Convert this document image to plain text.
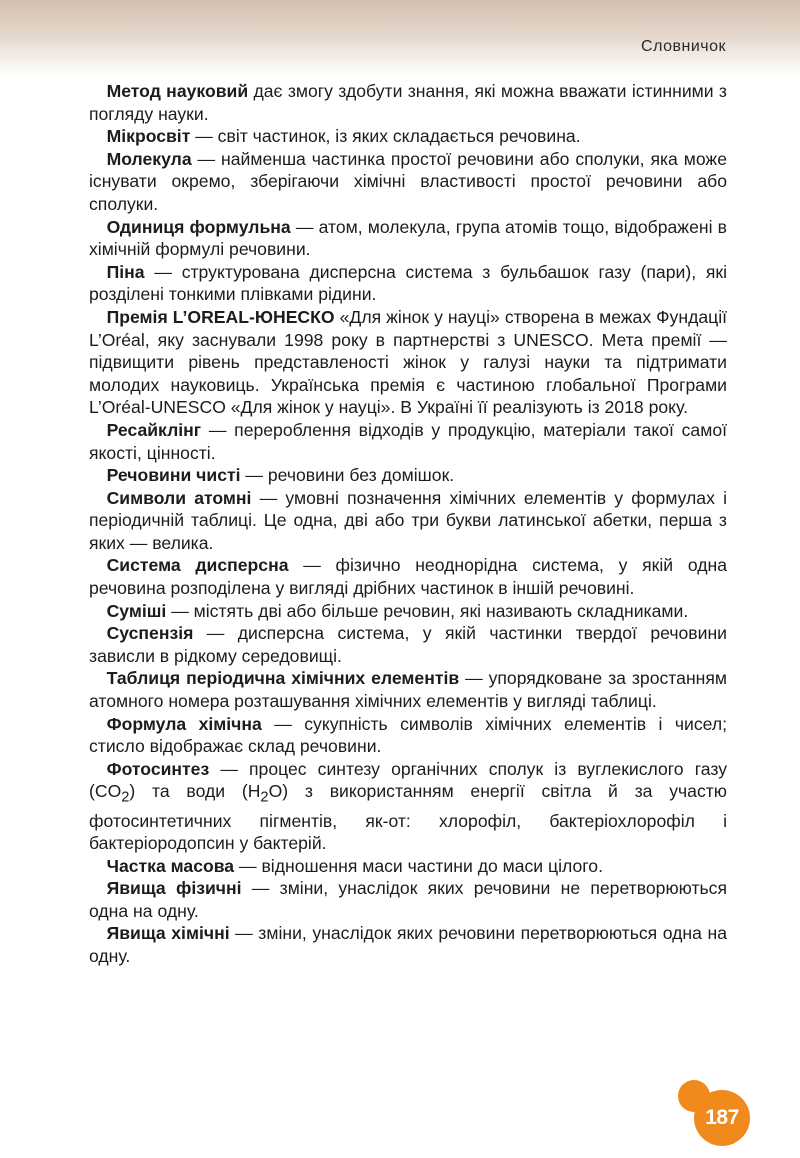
Словничок

 Метод науковий дає змогу здобути знання, які можна вважати істинними з погляду науки.

 Мікросвіт — світ частинок, із яких складається речовина.

 Молекула — найменша частинка простої речовини або сполуки, яка може існувати окремо, зберігаючи хімічні властивості простої речовини або сполуки.

 Одиниця формульна — атом, молекула, група атомів тощо, відображені в хімічній формулі речовини.

 Піна — структурована дисперсна система з бульбашок газу (пари), які розділені тонкими плівками рідини.

 Премія L’OREAL-ЮНЕСКО «Для жінок у науці» створена в межах Фундації L’Oréal, яку заснували 1998 року в партнерстві з UNESCO. Мета премії — підвищити рівень представленості жінок у галузі науки та підтримати молодих науковиць. Українська премія є частиною глобальної Програми L’Oréal-UNESCO «Для жінок у науці». В Україні її реалізують із 2018 року.

 Ресайклінг — перероблення відходів у продукцію, матеріали такої самої якості, цінності.

 Речовини чисті — речовини без домішок.

 Символи атомні — умовні позначення хімічних елементів у формулах і періодичній таблиці. Це одна, дві або три букви латинської абетки, перша з яких — велика.

 Система дисперсна — фізично неоднорідна система, у якій одна речовина розподілена у вигляді дрібних частинок в іншій речовині.

 Суміші — містять дві або більше речовин, які називають складниками.

 Суспензія — дисперсна система, у якій частинки твердої речовини зависли в рідкому середовищі.

 Таблиця періодична хімічних елементів — упорядковане за зростанням атомного номера розташування хімічних елементів у вигляді таблиці.

 Формула хімічна — сукупність символів хімічних елементів і чисел; стисло відображає склад речовини.

 Фотосинтез — процес синтезу органічних сполук із вуглекислого газу $(CO_2)$ та води $(H_2O)$ з використанням енергії світла й за участю фотосинтетичних пігментів, як-от: хлорофіл, бактеріохлорофіл і бактеріородопсин у бактерій.

 Частка масова — відношення маси частини до маси цілого.

 Явища фізичні — зміни, унаслідок яких речовини не перетворюються одна на одну.

 Явища хімічні — зміни, унаслідок яких речовини перетворюються одна на одну.

187
